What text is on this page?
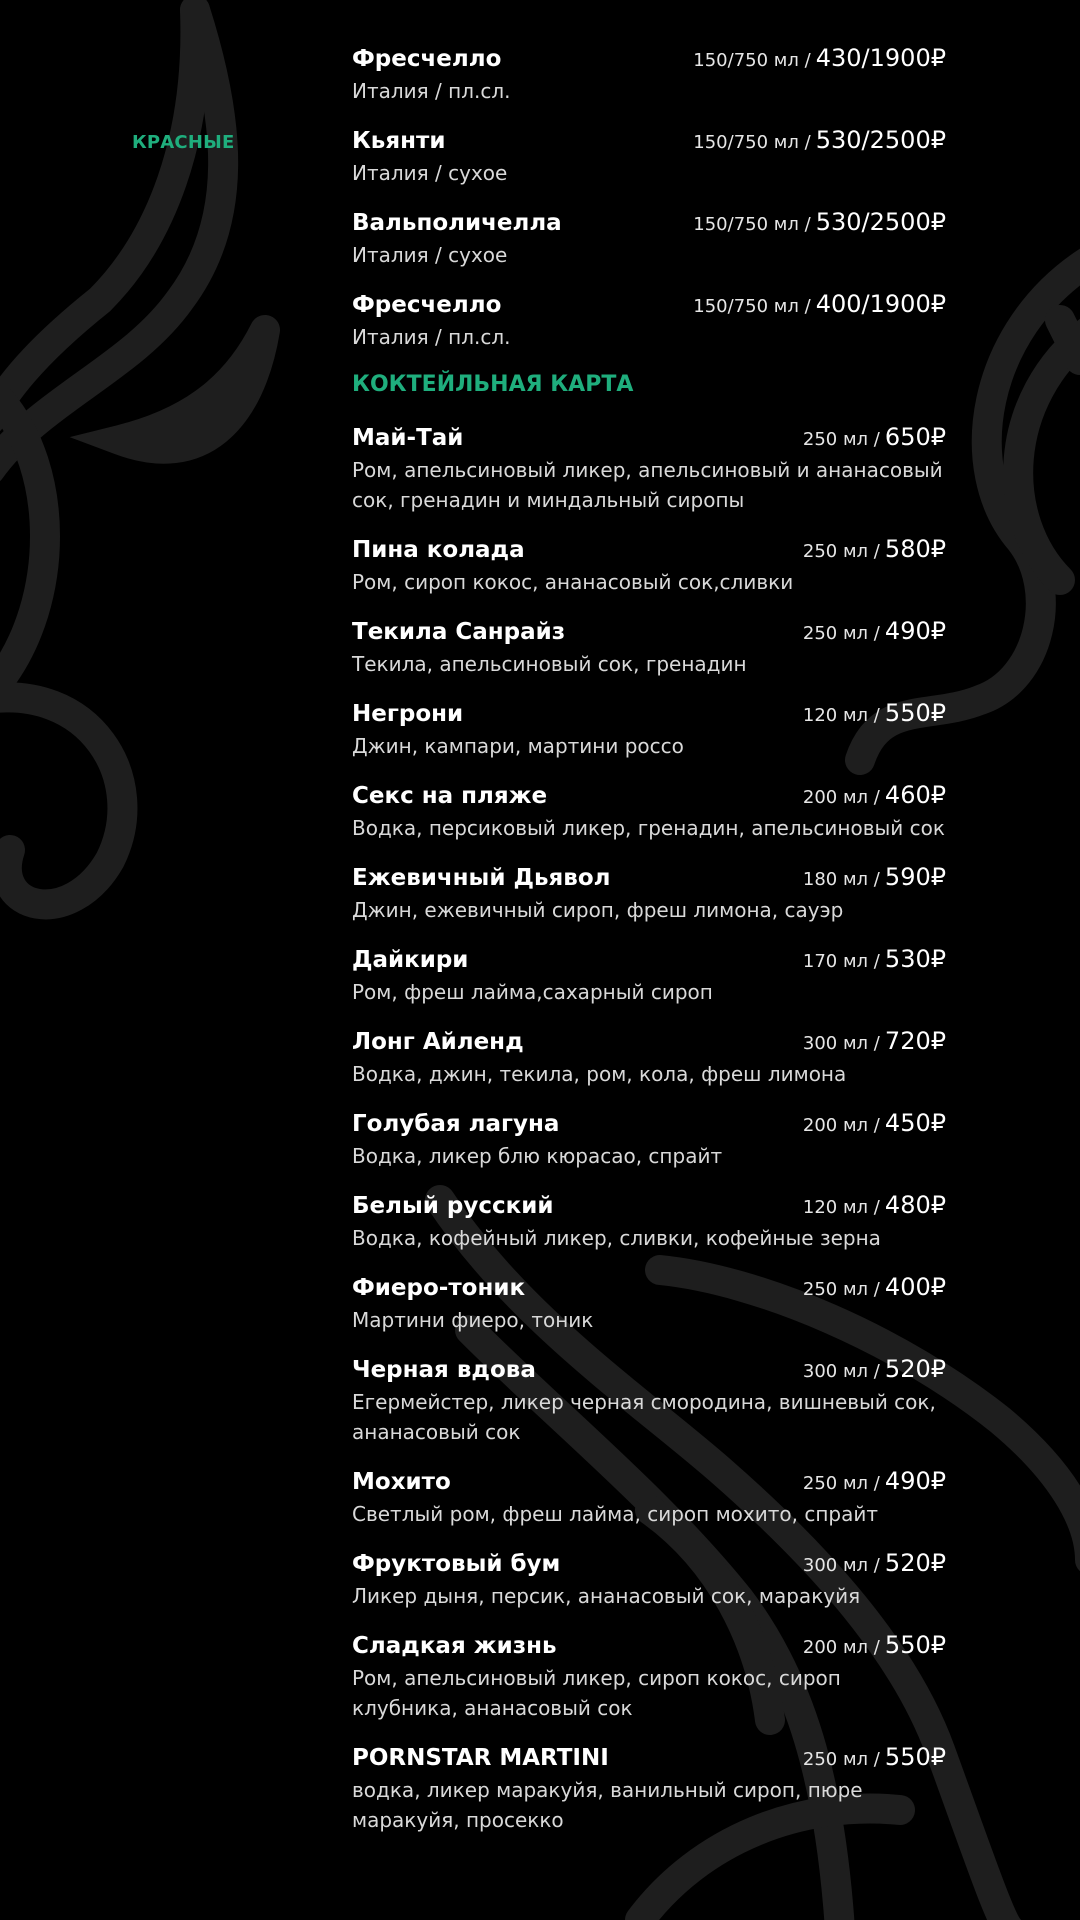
КРАСНЫЕ
Фресчелло	150/750 мл / 430/1900₽
Италия / пл.сл.
Кьянти	150/750 мл / 530/2500₽
Италия / сухое
Вальполичелла	150/750 мл / 530/2500₽
Италия / сухое
Фресчелло	150/750 мл / 400/1900₽
Италия / пл.сл.
КОКТЕЙЛЬНАЯ КАРТА
Май-Тай	250 мл / 650₽
Ром, апельсиновый ликер, апельсиновый и ананасовый сок, гренадин и миндальный сиропы
Пина колада	250 мл / 580₽
Ром, сироп кокос, ананасовый сок,сливки
Текила Санрайз	250 мл / 490₽
Текила, апельсиновый сок, гренадин
Негрони	120 мл / 550₽
Джин, кампари, мартини россо
Секс на пляже	200 мл / 460₽
Водка, персиковый ликер, гренадин, апельсиновый сок
Ежевичный Дьявол	180 мл / 590₽
Джин, ежевичный сироп, фреш лимона, сауэр
Дайкири	170 мл / 530₽
Ром, фреш лайма,сахарный сироп
Лонг Айленд	300 мл / 720₽
Водка, джин, текила, ром, кола, фреш лимона
Голубая лагуна	200 мл / 450₽
Водка, ликер блю кюрасао, спрайт
Белый русский	120 мл / 480₽
Водка, кофейный ликер, сливки, кофейные зерна
Фиеро-тоник	250 мл / 400₽
Мартини фиеро, тоник
Черная вдова	300 мл / 520₽
Егермейстер, ликер черная смородина, вишневый сок, ананасовый сок
Мохито	250 мл / 490₽
Светлый ром, фреш лайма, сироп мохито, спрайт
Фруктовый бум	300 мл / 520₽
Ликер дыня, персик, ананасовый сок, маракуйя
Сладкая жизнь	200 мл / 550₽
Ром, апельсиновый ликер, сироп кокос, сироп клубника, ананасовый сок
PORNSTAR MARTINI	250 мл / 550₽
водка, ликер маракуйя, ванильный сироп, пюре маракуйя, просекко
